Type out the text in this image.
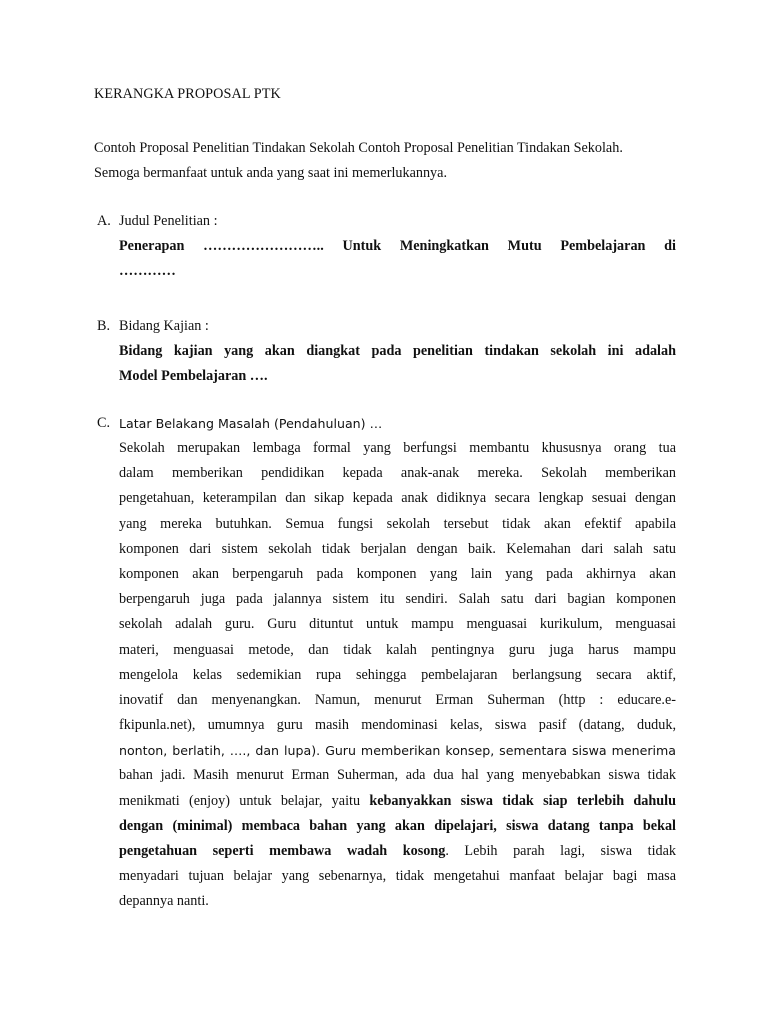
KERANGKA PROPOSAL PTK
Contoh Proposal Penelitian Tindakan Sekolah Contoh Proposal Penelitian Tindakan Sekolah.
Semoga bermanfaat untuk anda yang saat ini memerlukannya.
A. Judul Penelitian :
Penerapan …………………….. Untuk Meningkatkan Mutu Pembelajaran di
…………
B. Bidang Kajian :
Bidang kajian yang akan diangkat pada penelitian tindakan sekolah ini adalah
Model Pembelajaran ….
C. Latar Belakang Masalah (Pendahuluan) …
Sekolah merupakan lembaga formal yang berfungsi membantu khususnya orang tua
dalam memberikan pendidikan kepada anak-anak mereka. Sekolah memberikan
pengetahuan, keterampilan dan sikap kepada anak didiknya secara lengkap sesuai dengan
yang mereka butuhkan. Semua fungsi sekolah tersebut tidak akan efektif apabila
komponen dari sistem sekolah tidak berjalan dengan baik. Kelemahan dari salah satu
komponen akan berpengaruh pada komponen yang lain yang pada akhirnya akan
berpengaruh juga pada jalannya sistem itu sendiri. Salah satu dari bagian komponen
sekolah adalah guru. Guru dituntut untuk mampu menguasai kurikulum, menguasai
materi, menguasai metode, dan tidak kalah pentingnya guru juga harus mampu
mengelola kelas sedemikian rupa sehingga pembelajaran berlangsung secara aktif,
inovatif dan menyenangkan. Namun, menurut Erman Suherman (http : educare.e-
fkipunla.net), umumnya guru masih mendominasi kelas, siswa pasif (datang, duduk,
nonton, berlatih, …., dan lupa). Guru memberikan konsep, sementara siswa menerima
bahan jadi. Masih menurut Erman Suherman, ada dua hal yang menyebabkan siswa tidak
menikmati (enjoy) untuk belajar, yaitu kebanyakkan siswa tidak siap terlebih dahulu
dengan (minimal) membaca bahan yang akan dipelajari, siswa datang tanpa bekal
pengetahuan seperti membawa wadah kosong. Lebih parah lagi, siswa tidak
menyadari tujuan belajar yang sebenarnya, tidak mengetahui manfaat belajar bagi masa
depannya nanti.
